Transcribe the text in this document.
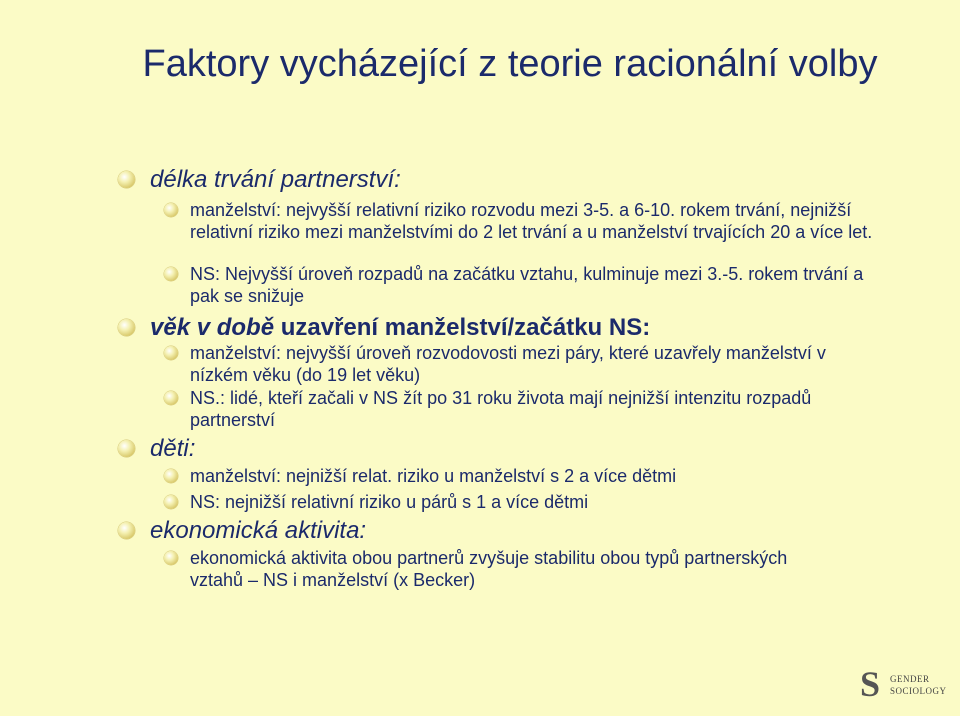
Faktory vycházející z teorie racionální volby
délka trvání partnerství:
manželství: nejvyšší relativní riziko rozvodu mezi 3-5. a 6-10. rokem trvání, nejnižší relativní riziko mezi manželstvími do 2 let trvání a u manželství trvajících 20 a více let.
NS: Nejvyšší úroveň rozpadů na začátku vztahu, kulminuje mezi 3.-5. rokem trvání a pak se snižuje
věk v době uzavření manželství/začátku NS:
manželství: nejvyšší úroveň rozvodovosti mezi páry, které uzavřely manželství v nízkém věku (do 19 let věku)
NS.: lidé, kteří začali v NS žít po 31 roku života mají nejnižší intenzitu rozpadů partnerství
děti:
manželství: nejnižší relat. riziko u manželství s 2 a více dětmi
NS: nejnižší relativní riziko u párů s 1 a více dětmi
ekonomická aktivita:
ekonomická aktivita obou partnerů zvyšuje stabilitu obou typů partnerských vztahů – NS i manželství (x Becker)
S GENDER
SOCIOLOGY
